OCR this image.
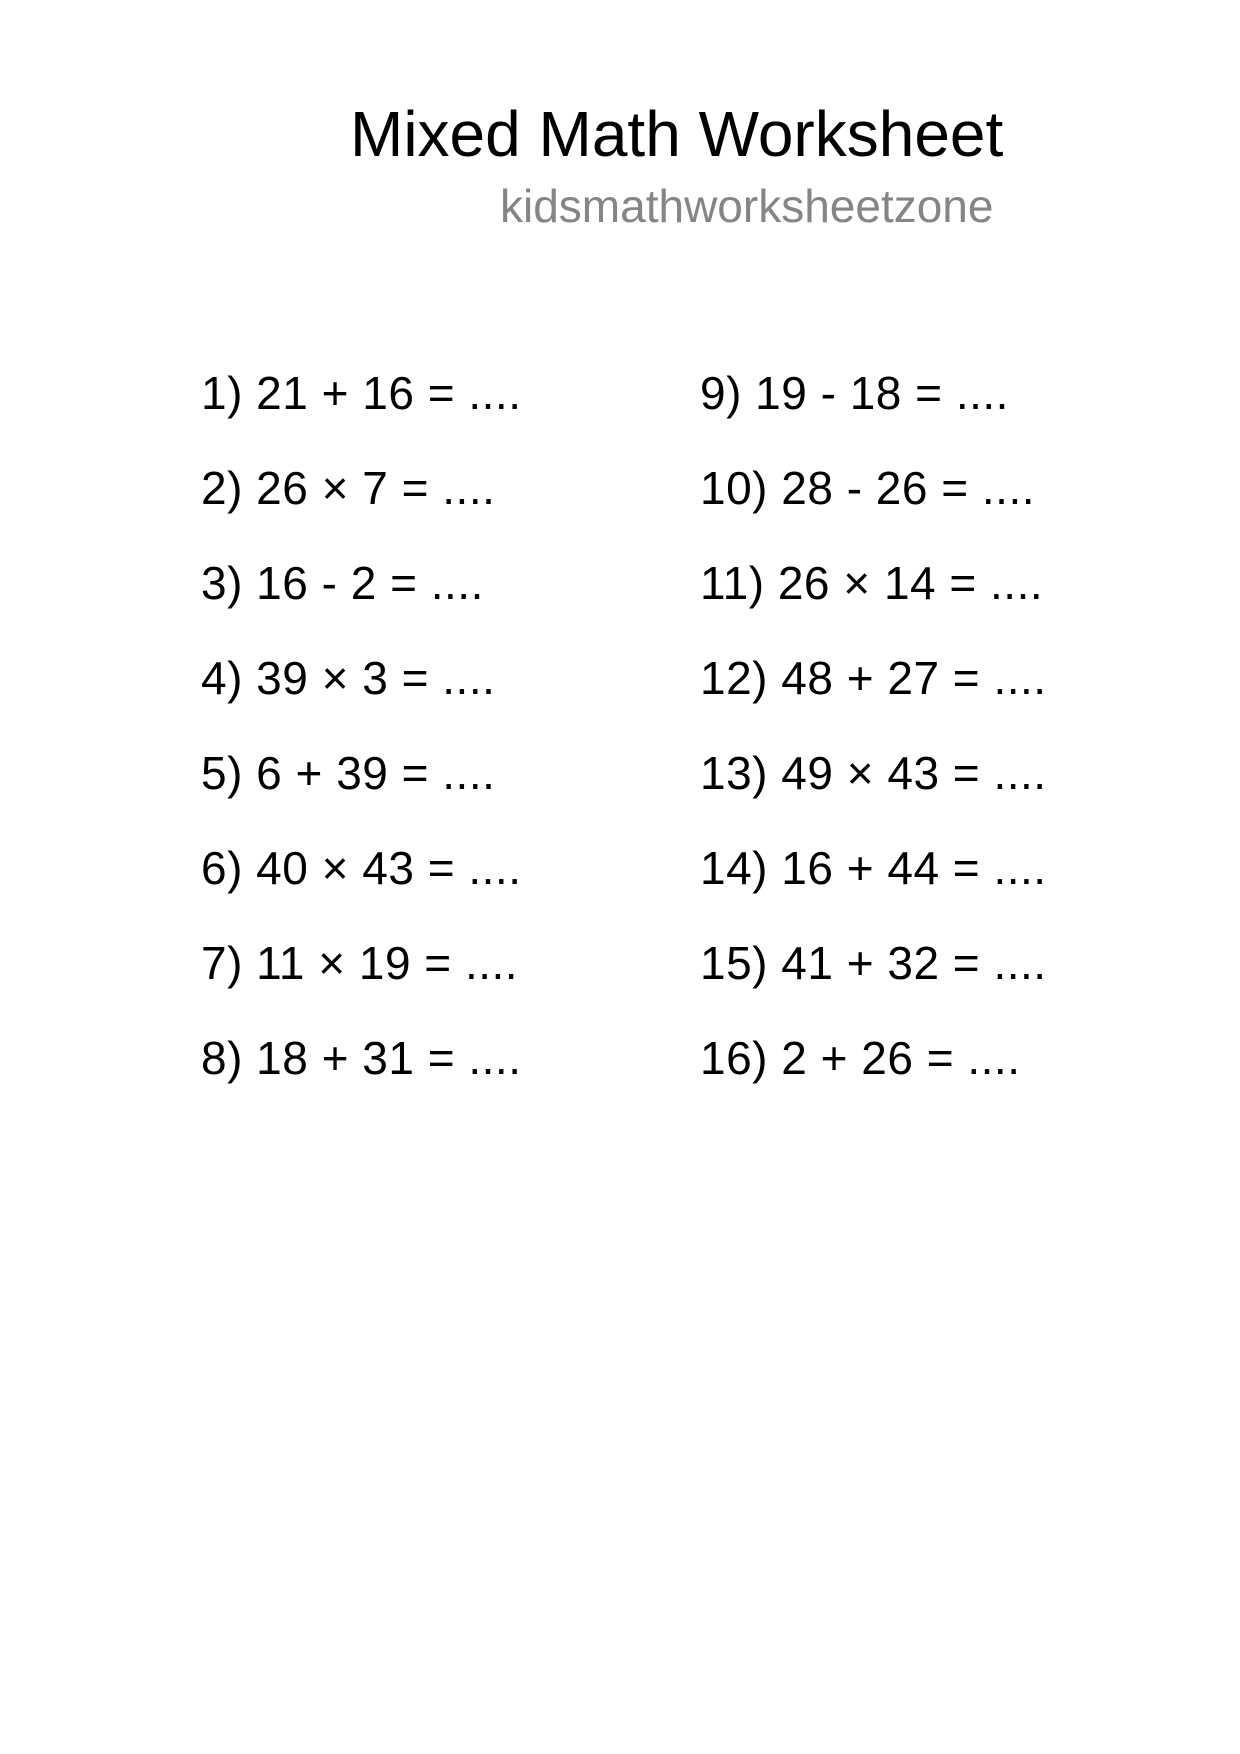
Mixed Math Worksheet
kidsmathworksheetzone
1) 21 + 16 = ....
2) 26 × 7 = ....
3) 16 - 2 = ....
4) 39 × 3 = ....
5) 6 + 39 = ....
6) 40 × 43 = ....
7) 11 × 19 = ....
8) 18 + 31 = ....
9) 19 - 18 = ....
10) 28 - 26 = ....
11) 26 × 14 = ....
12) 48 + 27 = ....
13) 49 × 43 = ....
14) 16 + 44 = ....
15) 41 + 32 = ....
16) 2 + 26 = ....
